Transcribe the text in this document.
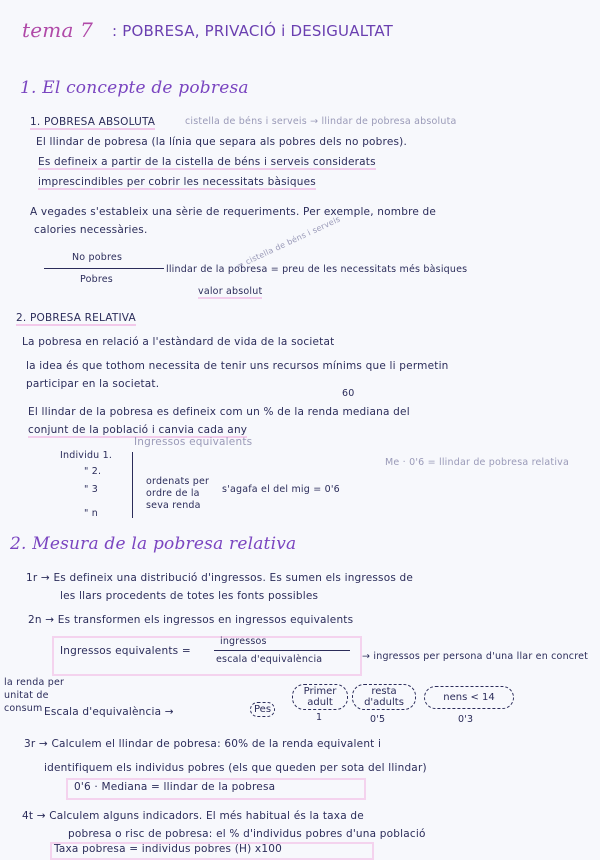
tema 7 : POBRESA, PRIVACIÓ i DESIGUALTAT
1. El concepte de pobresa
1. POBRESA ABSOLUTA	cistella de béns i serveis → llindar de pobresa absoluta
El llindar de pobresa (la línia que separa als pobres dels no pobres).
Es defineix a partir de la cistella de béns i serveis considerats
imprescindibles per cobrir les necessitats bàsiques
A vegades s'estableix una sèrie de requeriments. Per exemple, nombre de
calories necessàries.
No pobres
Pobres
llindar de la pobresa = preu de les necessitats més bàsiques
valor absolut
= cistella de béns i serveis
2. POBRESA RELATIVA
La pobresa en relació a l'estàndard de vida de la societat
la idea és que tothom necessita de tenir uns recursos mínims que li permetin
participar en la societat.
El llindar de la pobresa es defineix com un % de la renda mediana del
60
conjunt de la població i canvia cada any
Ingressos equivalents
Individu 1.
" 2.
" 3
" n
ordenats per ordre de la seva renda
s'agafa el del mig = 0'6
Me · 0'6 = llindar de pobresa relativa
2. Mesura de la pobresa relativa
1r → Es defineix una distribució d'ingressos. Es sumen els ingressos de
les llars procedents de totes les fonts possibles
2n → Es transformen els ingressos en ingressos equivalents
Ingressos equivalents =
ingressos
escala d'equivalència	→ ingressos per persona d'una llar en concret
la renda per unitat de consum Escala d'equivalència →	Pes
Primer adult
resta d'adults	nens < 14
1	0'5	0'3
3r → Calculem el llindar de pobresa: 60% de la renda equivalent i
identifiquem els individus pobres (els que queden per sota del llindar)
0'6 · Mediana = llindar de la pobresa
4t → Calculem alguns indicadors. El més habitual és la taxa de
pobresa o risc de pobresa: el % d'individus pobres d'una població
Taxa pobresa = individus pobres (H) x100
